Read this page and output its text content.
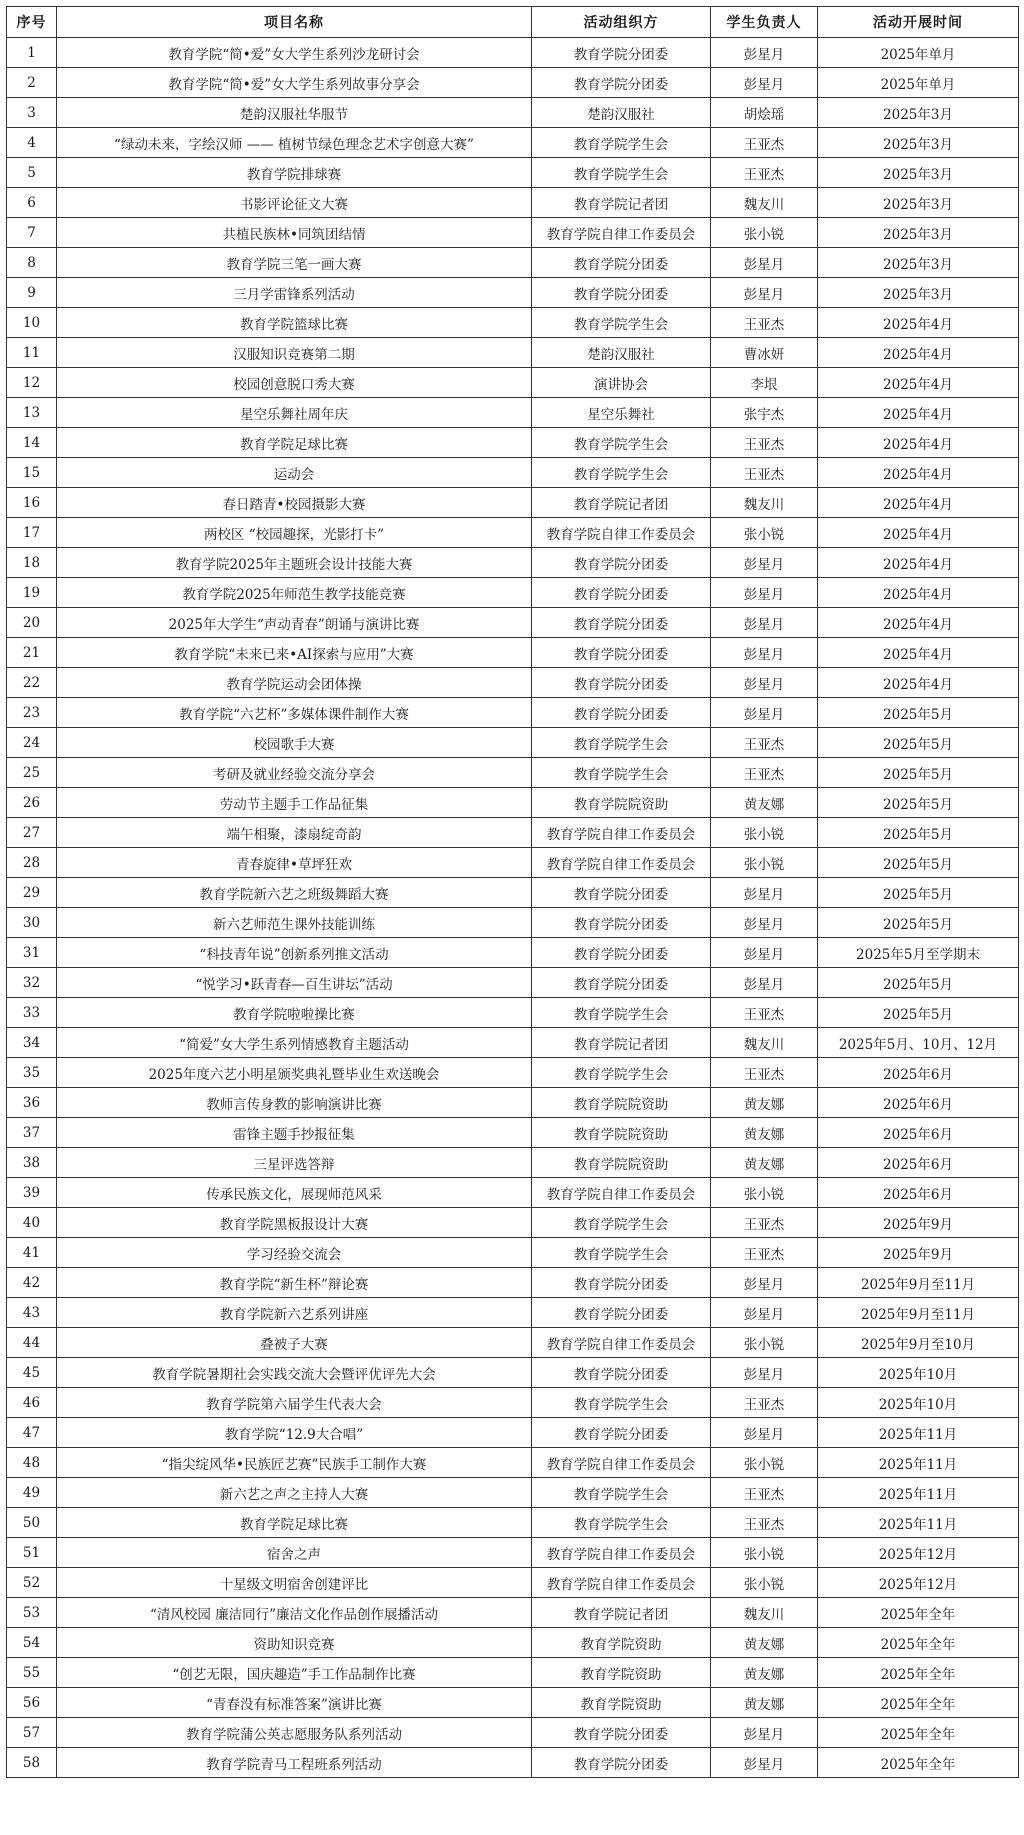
序号	项目名称	活动组织方	学生负责人	活动开展时间
1	教育学院“简•爱”女大学生系列沙龙研讨会	教育学院分团委	彭星月	2025年单月
2	教育学院“简•爱”女大学生系列故事分享会	教育学院分团委	彭星月	2025年单月
3	楚韵汉服社华服节	楚韵汉服社	胡烩瑶	2025年3月
4	“绿动未来，字绘汉师 —— 植树节绿色理念艺术字创意大赛”	教育学院学生会	王亚杰	2025年3月
5	教育学院排球赛	教育学院学生会	王亚杰	2025年3月
6	书影评论征文大赛	教育学院记者团	魏友川	2025年3月
7	共植民族林•同筑团结情	教育学院自律工作委员会	张小锐	2025年3月
8	教育学院三笔一画大赛	教育学院分团委	彭星月	2025年3月
9	三月学雷锋系列活动	教育学院分团委	彭星月	2025年3月
10	教育学院篮球比赛	教育学院学生会	王亚杰	2025年4月
11	汉服知识竞赛第二期	楚韵汉服社	曹冰妍	2025年4月
12	校园创意脱口秀大赛	演讲协会	李垠	2025年4月
13	星空乐舞社周年庆	星空乐舞社	张宇杰	2025年4月
14	教育学院足球比赛	教育学院学生会	王亚杰	2025年4月
15	运动会	教育学院学生会	王亚杰	2025年4月
16	春日踏青•校园摄影大赛	教育学院记者团	魏友川	2025年4月
17	两校区 “校园趣探，光影打卡”	教育学院自律工作委员会	张小锐	2025年4月
18	教育学院2025年主题班会设计技能大赛	教育学院分团委	彭星月	2025年4月
19	教育学院2025年师范生教学技能竞赛	教育学院分团委	彭星月	2025年4月
20	2025年大学生“声动青春”朗诵与演讲比赛	教育学院分团委	彭星月	2025年4月
21	教育学院“未来已来•AI探索与应用”大赛	教育学院分团委	彭星月	2025年4月
22	教育学院运动会团体操	教育学院分团委	彭星月	2025年4月
23	教育学院“六艺杯”多媒体课件制作大赛	教育学院分团委	彭星月	2025年5月
24	校园歌手大赛	教育学院学生会	王亚杰	2025年5月
25	考研及就业经验交流分享会	教育学院学生会	王亚杰	2025年5月
26	劳动节主题手工作品征集	教育学院院资助	黄友娜	2025年5月
27	端午相聚，漆扇绽奇韵	教育学院自律工作委员会	张小锐	2025年5月
28	青春旋律•草坪狂欢	教育学院自律工作委员会	张小锐	2025年5月
29	教育学院新六艺之班级舞蹈大赛	教育学院分团委	彭星月	2025年5月
30	新六艺师范生课外技能训练	教育学院分团委	彭星月	2025年5月
31	“科技青年说”创新系列推文活动	教育学院分团委	彭星月	2025年5月至学期末
32	“悦学习•跃青春—百生讲坛”活动	教育学院分团委	彭星月	2025年5月
33	教育学院啦啦操比赛	教育学院学生会	王亚杰	2025年5月
34	“简爱”女大学生系列情感教育主题活动	教育学院记者团	魏友川	2025年5月、10月、12月
35	2025年度六艺小明星颁奖典礼暨毕业生欢送晚会	教育学院学生会	王亚杰	2025年6月
36	教师言传身教的影响演讲比赛	教育学院院资助	黄友娜	2025年6月
37	雷锋主题手抄报征集	教育学院院资助	黄友娜	2025年6月
38	三星评选答辩	教育学院院资助	黄友娜	2025年6月
39	传承民族文化，展现师范风采	教育学院自律工作委员会	张小锐	2025年6月
40	教育学院黑板报设计大赛	教育学院学生会	王亚杰	2025年9月
41	学习经验交流会	教育学院学生会	王亚杰	2025年9月
42	教育学院“新生杯”辩论赛	教育学院分团委	彭星月	2025年9月至11月
43	教育学院新六艺系列讲座	教育学院分团委	彭星月	2025年9月至11月
44	叠被子大赛	教育学院自律工作委员会	张小锐	2025年9月至10月
45	教育学院暑期社会实践交流大会暨评优评先大会	教育学院分团委	彭星月	2025年10月
46	教育学院第六届学生代表大会	教育学院学生会	王亚杰	2025年10月
47	教育学院“12.9大合唱”	教育学院分团委	彭星月	2025年11月
48	“指尖绽风华•民族匠艺赛”民族手工制作大赛	教育学院自律工作委员会	张小锐	2025年11月
49	新六艺之声之主持人大赛	教育学院学生会	王亚杰	2025年11月
50	教育学院足球比赛	教育学院学生会	王亚杰	2025年11月
51	宿舍之声	教育学院自律工作委员会	张小锐	2025年12月
52	十星级文明宿舍创建评比	教育学院自律工作委员会	张小锐	2025年12月
53	“清风校园 廉洁同行”廉洁文化作品创作展播活动	教育学院记者团	魏友川	2025年全年
54	资助知识竞赛	教育学院资助	黄友娜	2025年全年
55	“创艺无限，国庆趣造”手工作品制作比赛	教育学院资助	黄友娜	2025年全年
56	“青春没有标准答案”演讲比赛	教育学院资助	黄友娜	2025年全年
57	教育学院蒲公英志愿服务队系列活动	教育学院分团委	彭星月	2025年全年
58	教育学院青马工程班系列活动	教育学院分团委	彭星月	2025年全年
